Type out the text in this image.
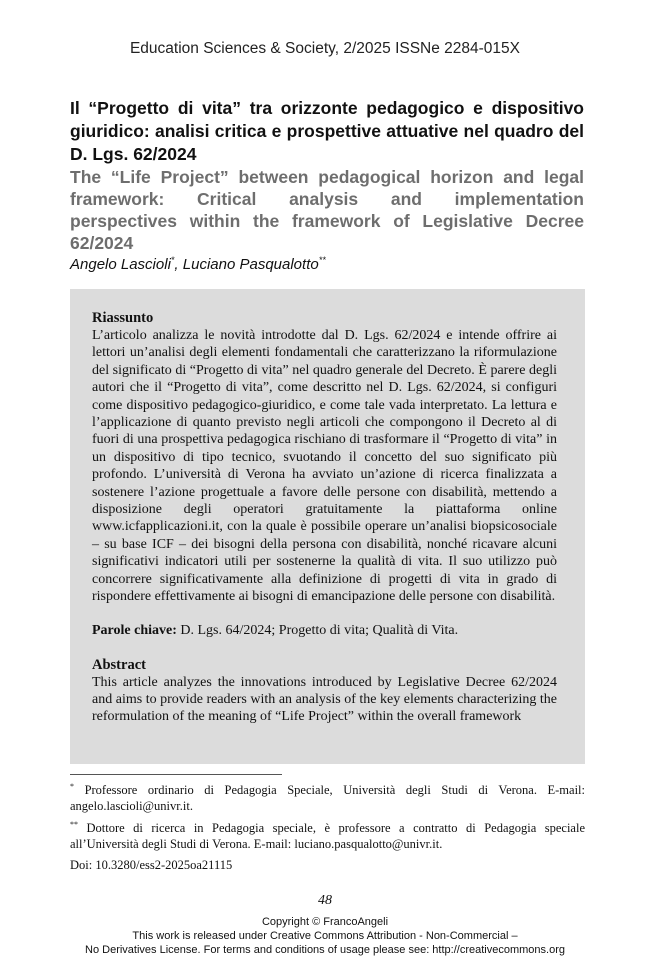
Education Sciences & Society, 2/2025 ISSNe 2284-015X

Il “Progetto di vita” tra orizzonte pedagogico e dispositivo giuridico: analisi critica e prospettive attuative nel quadro del D. Lgs. 62/2024

The “Life Project” between pedagogical horizon and legal framework: Critical analysis and implementation perspectives within the framework of Legislative Decree 62/2024

Angelo Lascioli*, Luciano Pasqualotto**

Riassunto

L’articolo analizza le novità introdotte dal D. Lgs. 62/2024 e intende offrire ai lettori un’analisi degli elementi fondamentali che caratterizzano la riformulazione del significato di “Progetto di vita” nel quadro generale del Decreto. È parere degli autori che il “Progetto di vita”, come descritto nel D. Lgs. 62/2024, si configuri come dispositivo pedagogico-giuridico, e come tale vada interpretato. La lettura e l’applicazione di quanto previsto negli articoli che compongono il Decreto al di fuori di una prospettiva pedagogica rischiano di trasformare il “Progetto di vita” in un dispositivo di tipo tecnico, svuotando il concetto del suo significato più profondo. L’università di Verona ha avviato un’azione di ricerca finalizzata a sostenere l’azione progettuale a favore delle persone con disabilità, mettendo a disposizione degli operatori gratuitamente la piattaforma online www.icfapplicazioni.it, con la quale è possibile operare un’analisi biopsicosociale – su base ICF – dei bisogni della persona con disabilità, nonché ricavare alcuni significativi indicatori utili per sostenerne la qualità di vita. Il suo utilizzo può concorrere significativamente alla definizione di progetti di vita in grado di rispondere effettivamente ai bisogni di emancipazione delle persone con disabilità.

Parole chiave: D. Lgs. 64/2024; Progetto di vita; Qualità di Vita.

Abstract

This article analyzes the innovations introduced by Legislative Decree 62/2024 and aims to provide readers with an analysis of the key elements characterizing the reformulation of the meaning of “Life Project” within the overall framework

* Professore ordinario di Pedagogia Speciale, Università degli Studi di Verona. E-mail: angelo.lascioli@univr.it.

** Dottore di ricerca in Pedagogia speciale, è professore a contratto di Pedagogia speciale all’Università degli Studi di Verona. E-mail: luciano.pasqualotto@univr.it.

Doi: 10.3280/ess2-2025oa21115
48
Copyright © FrancoAngeli
This work is released under Creative Commons Attribution - Non-Commercial –
No Derivatives License. For terms and conditions of usage please see: http://creativecommons.org
